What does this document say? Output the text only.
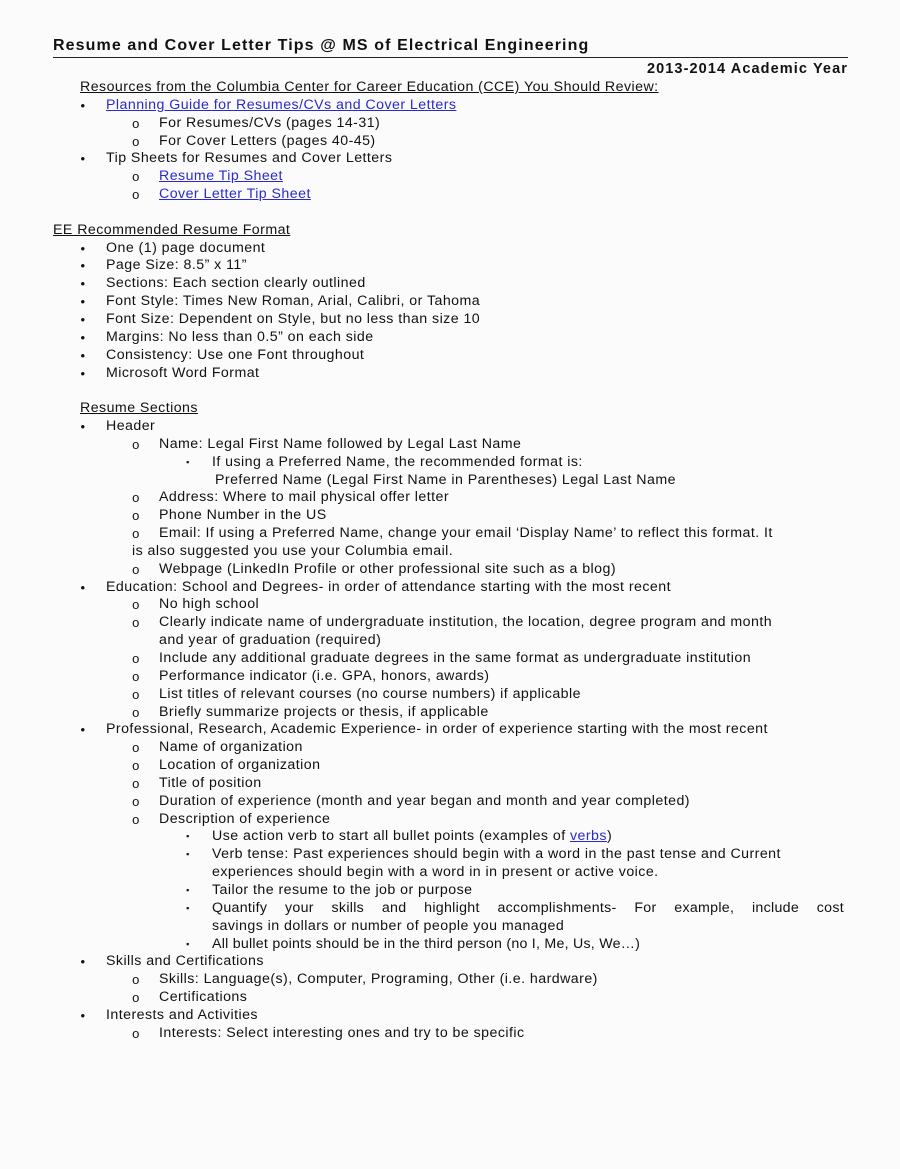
Resume and Cover Letter Tips @ MS of Electrical Engineering
2013-2014 Academic Year
Resources from the Columbia Center for Career Education (CCE) You Should Review:
• Planning Guide for Resumes/CVs and Cover Letters
o For Resumes/CVs (pages 14-31)
o For Cover Letters (pages 40-45)
• Tip Sheets for Resumes and Cover Letters
o Resume Tip Sheet
o Cover Letter Tip Sheet
EE Recommended Resume Format
• One (1) page document
• Page Size: 8.5” x 11”
• Sections: Each section clearly outlined
• Font Style: Times New Roman, Arial, Calibri, or Tahoma
• Font Size: Dependent on Style, but no less than size 10
• Margins: No less than 0.5” on each side
• Consistency: Use one Font throughout
• Microsoft Word Format
Resume Sections
• Header
o Name: Legal First Name followed by Legal Last Name
▪ If using a Preferred Name, the recommended format is:
Preferred Name (Legal First Name in Parentheses) Legal Last Name
o Address: Where to mail physical offer letter
o Phone Number in the US
o Email: If using a Preferred Name, change your email ‘Display Name’ to reflect this format. It
is also suggested you use your Columbia email.
o Webpage (LinkedIn Profile or other professional site such as a blog)
• Education: School and Degrees- in order of attendance starting with the most recent
o No high school
o Clearly indicate name of undergraduate institution, the location, degree program and month
and year of graduation (required)
o Include any additional graduate degrees in the same format as undergraduate institution
o Performance indicator (i.e. GPA, honors, awards)
o List titles of relevant courses (no course numbers) if applicable
o Briefly summarize projects or thesis, if applicable
• Professional, Research, Academic Experience- in order of experience starting with the most recent
o Name of organization
o Location of organization
o Title of position
o Duration of experience (month and year began and month and year completed)
o Description of experience
▪ Use action verb to start all bullet points (examples of verbs)
▪ Verb tense: Past experiences should begin with a word in the past tense and Current
experiences should begin with a word in in present or active voice.
▪ Tailor the resume to the job or purpose
▪ Quantify your skills and highlight accomplishments- For example, include cost
savings in dollars or number of people you managed
▪ All bullet points should be in the third person (no I, Me, Us, We…)
• Skills and Certifications
o Skills: Language(s), Computer, Programing, Other (i.e. hardware)
o Certifications
• Interests and Activities
o Interests: Select interesting ones and try to be specific
